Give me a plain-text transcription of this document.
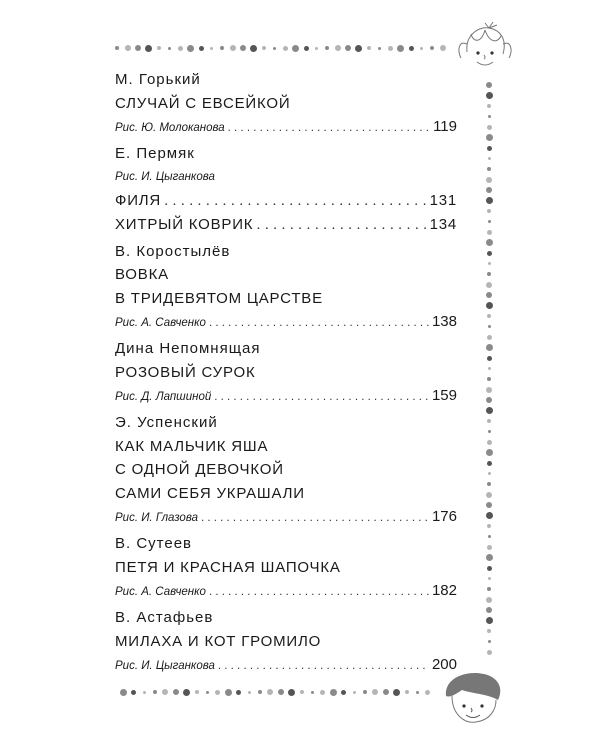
М. Горький
СЛУЧАЙ С ЕВСЕЙКОЙ
Рис. Ю. Молоканова . . .	119
Е. Пермяк
Рис. И. Цыганкова
ФИЛЯ . . .	131
ХИТРЫЙ КОВРИК . . .	134
В. Коростылёв
ВОВКА
В ТРИДЕВЯТОМ ЦАРСТВЕ
Рис. А. Савченко . . .	138
Дина Непомнящая
РОЗОВЫЙ СУРОК
Рис. Д. Лапшиной . . .	159
Э. Успенский
КАК МАЛЬЧИК ЯША
С ОДНОЙ ДЕВОЧКОЙ
САМИ СЕБЯ УКРАШАЛИ
Рис. И. Глазова . . .	176
В. Сутеев
ПЕТЯ И КРАСНАЯ ШАПОЧКА
Рис. А. Савченко . . .	182
В. Астафьев
МИЛАХА И КОТ ГРОМИЛО
Рис. И. Цыганкова . . .	200
